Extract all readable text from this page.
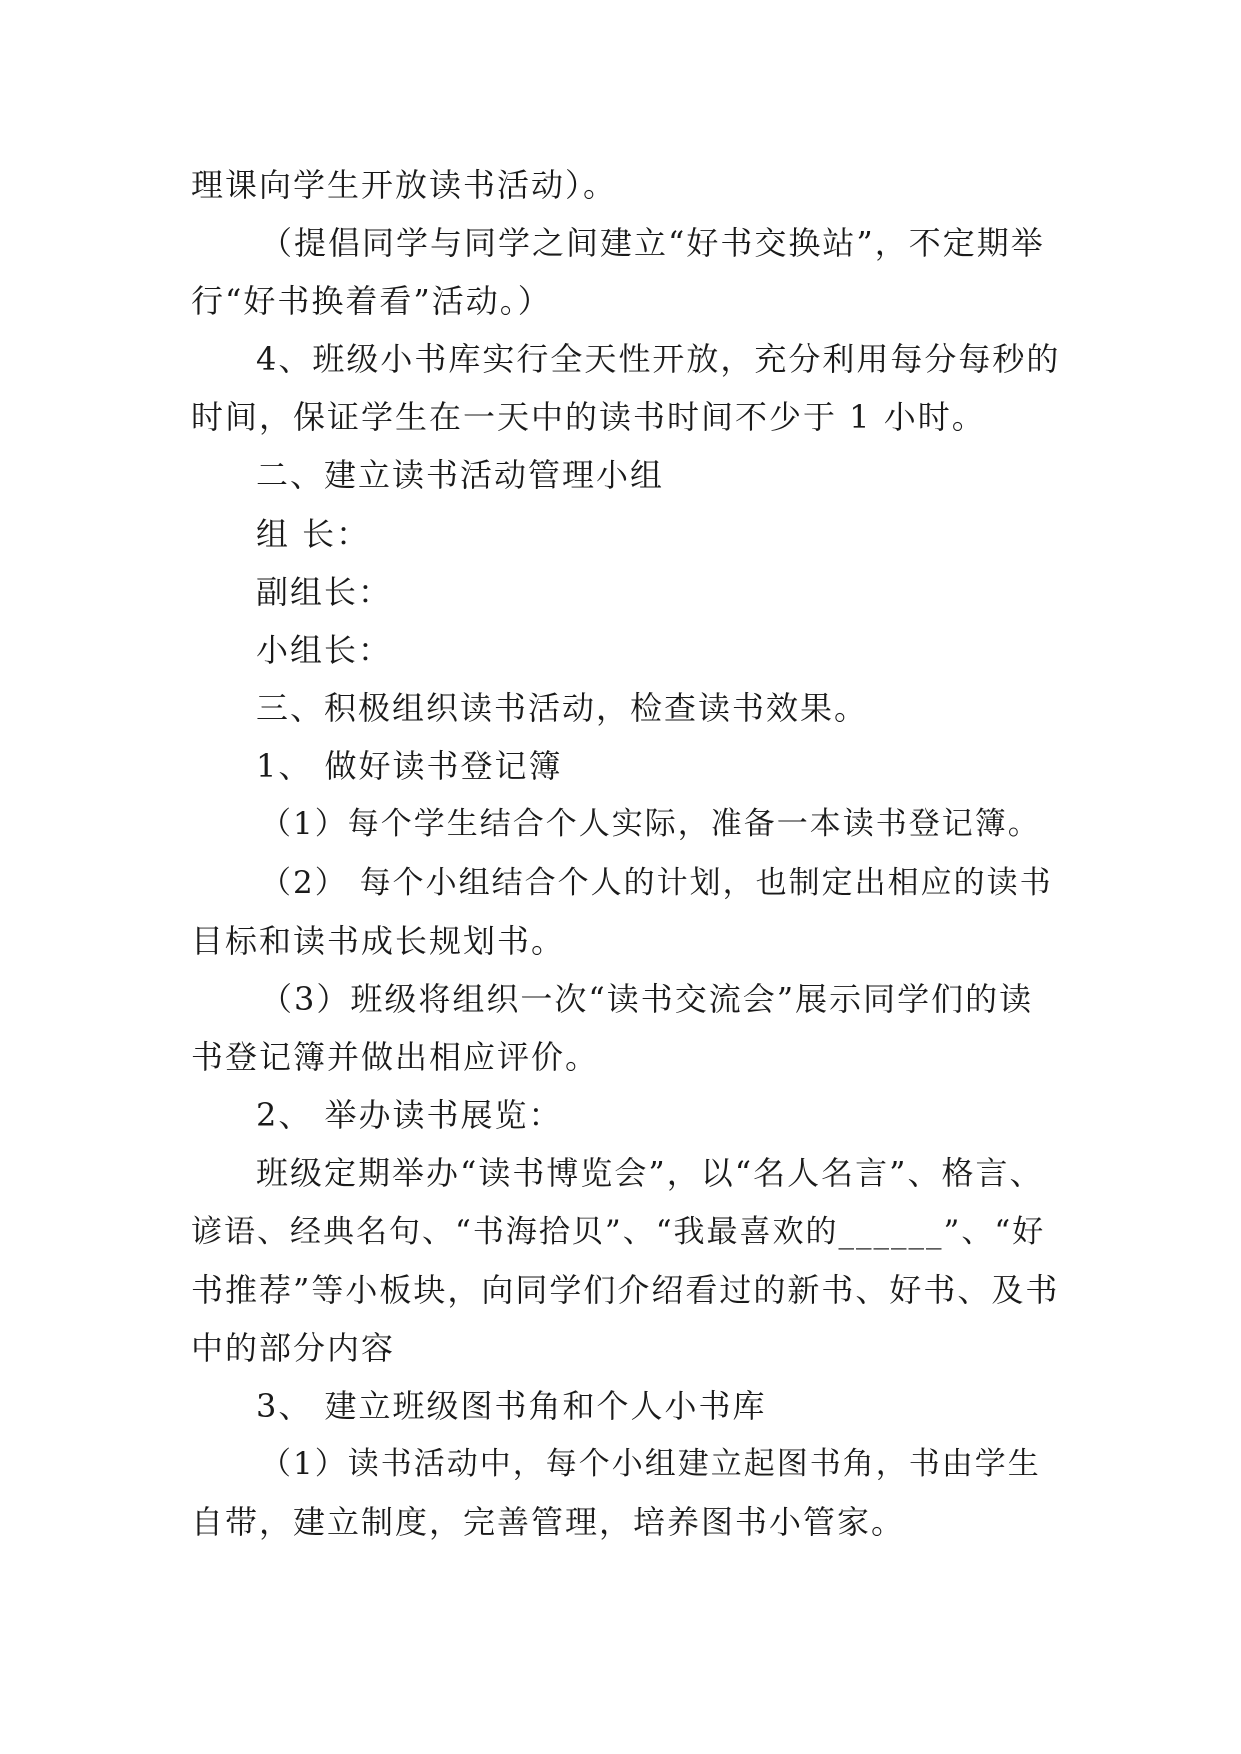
理课向学生开放读书活动）。
（提倡同学与同学之间建立“好书交换站”，不定期举
行“好书换着看”活动。）
4、班级小书库实行全天性开放，充分利用每分每秒的
时间，保证学生在一天中的读书时间不少于 1 小时。
二、建立读书活动管理小组
组 长：
副组长：
小组长：
三、积极组织读书活动，检查读书效果。
1、 做好读书登记簿
（1）每个学生结合个人实际，准备一本读书登记簿。
（2） 每个小组结合个人的计划，也制定出相应的读书
目标和读书成长规划书。
（3）班级将组织一次“读书交流会”展示同学们的读
书登记簿并做出相应评价。
2、 举办读书展览：
班级定期举办“读书博览会”，以“名人名言”、格言、
谚语、经典名句、“书海拾贝”、“我最喜欢的______”、“好
书推荐”等小板块，向同学们介绍看过的新书、好书、及书
中的部分内容
3、 建立班级图书角和个人小书库
（1）读书活动中，每个小组建立起图书角，书由学生
自带，建立制度，完善管理，培养图书小管家。
